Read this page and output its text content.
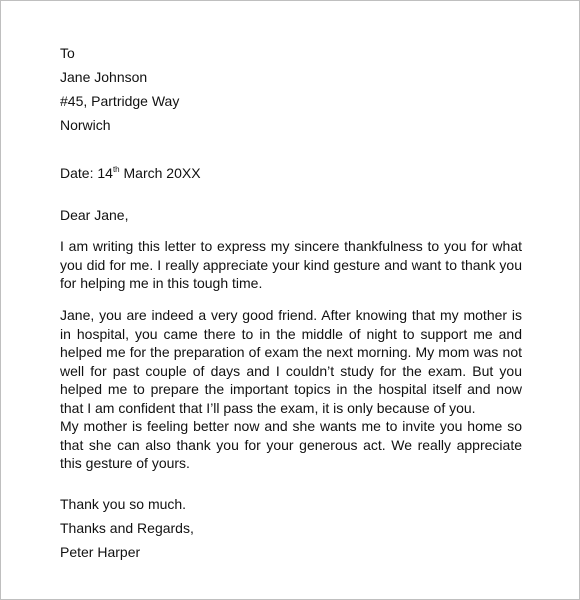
To
Jane Johnson
#45, Partridge Way
Norwich
Date: 14th March 20XX
Dear Jane,
I am writing this letter to express my sincere thankfulness to you for what you did for me. I really appreciate your kind gesture and want to thank you for helping me in this tough time.
Jane, you are indeed a very good friend. After knowing that my mother is in hospital, you came there to in the middle of night to support me and helped me for the preparation of exam the next morning. My mom was not well for past couple of days and I couldn’t study for the exam. But you helped me to prepare the important topics in the hospital itself and now that I am confident that I’ll pass the exam, it is only because of you.
My mother is feeling better now and she wants me to invite you home so that she can also thank you for your generous act. We really appreciate this gesture of yours.
Thank you so much.
Thanks and Regards,
Peter Harper
